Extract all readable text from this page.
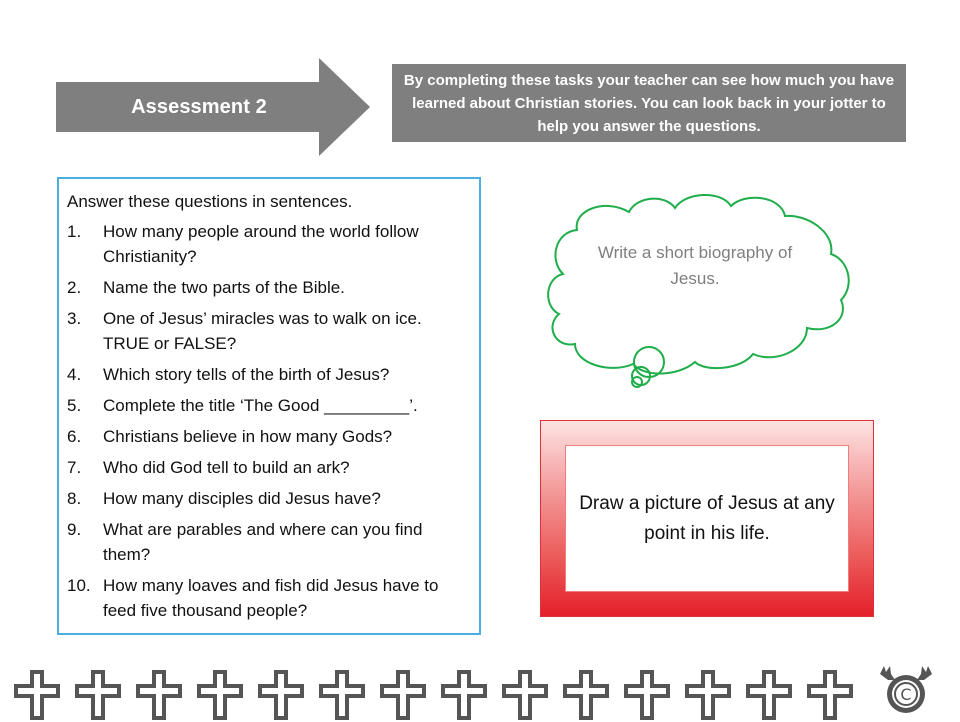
Assessment 2
By completing these tasks your teacher can see how much you have learned about Christian stories. You can look back in your jotter to help you answer the questions.
Answer these questions in sentences.
1.	How many people around the world follow Christianity?
2.	Name the two parts of the Bible.
3.	One of Jesus’ miracles was to walk on ice. TRUE or FALSE?
4.	Which story tells of the birth of Jesus?
5.	Complete the title ‘The Good _________’.
6.	Christians believe in how many Gods?
7.	Who did God tell to build an ark?
8.	How many disciples did Jesus have?
9.	What are parables and where can you find them?
10. How many loaves and fish did Jesus have to feed five thousand people?
Write a short biography of Jesus.
Draw a picture of Jesus at any point in his life.
C
